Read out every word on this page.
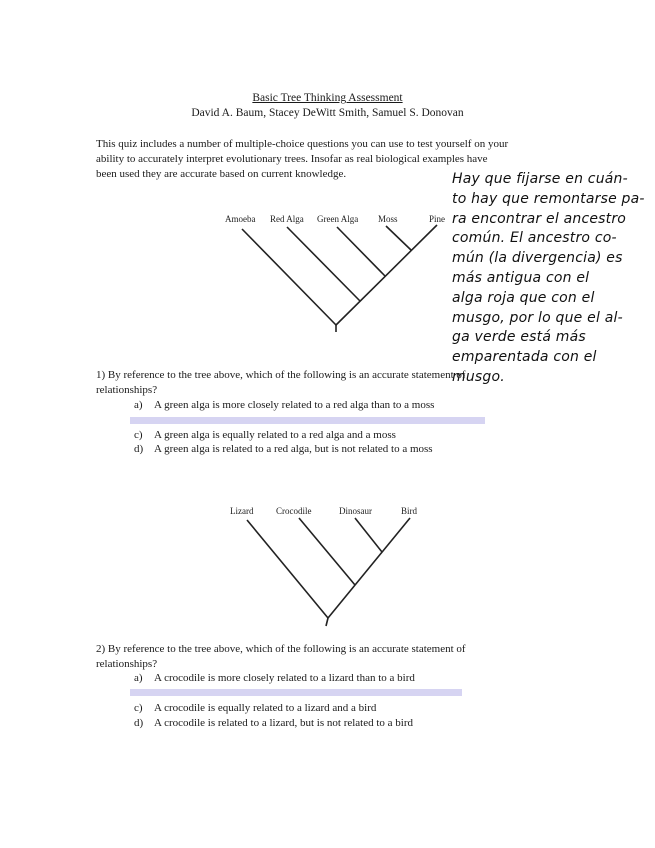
Basic Tree Thinking Assessment
David A. Baum, Stacey DeWitt Smith, Samuel S. Donovan
This quiz includes a number of multiple-choice questions you can use to test yourself on your
ability to accurately interpret evolutionary trees. Insofar as real biological examples have
been used they are accurate based on current knowledge.
Amoeba Red Alga Green Alga Moss	Pine
Hay que fijarse en cuán-
to hay que remontarse pa-
ra encontrar el ancestro
común. El ancestro co-
mún (la divergencia) es
más antigua con el
alga roja que con el
musgo, por lo que el al-
ga verde está más
emparentada con el
musgo.
1) By reference to the tree above, which of the following is an accurate statement of
relationships?
a) A green alga is more closely related to a red alga than to a moss
c) A green alga is equally related to a red alga and a moss
d) A green alga is related to a red alga, but is not related to a moss
Lizard	Crocodile	Dinosaur	Bird
2) By reference to the tree above, which of the following is an accurate statement of
relationships?
a) A crocodile is more closely related to a lizard than to a bird
c) A crocodile is equally related to a lizard and a bird
d) A crocodile is related to a lizard, but is not related to a bird
